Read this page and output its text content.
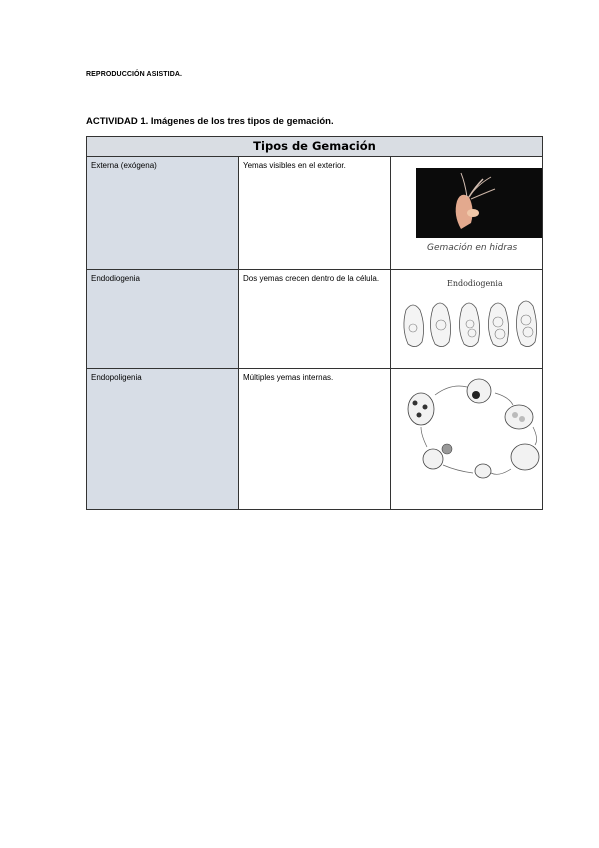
REPRODUCCIÓN ASISTIDA.
ACTIVIDAD 1. Imágenes de los tres tipos de gemación.
Tipos de Gemación		

Externa (exógena)	Yemas visibles en el exterior.	Gemación en hidras

Endodiogenia	Dos yemas crecen dentro de la célula.	Endodiogenia

Endopoligenia	Múltiples yemas internas.
